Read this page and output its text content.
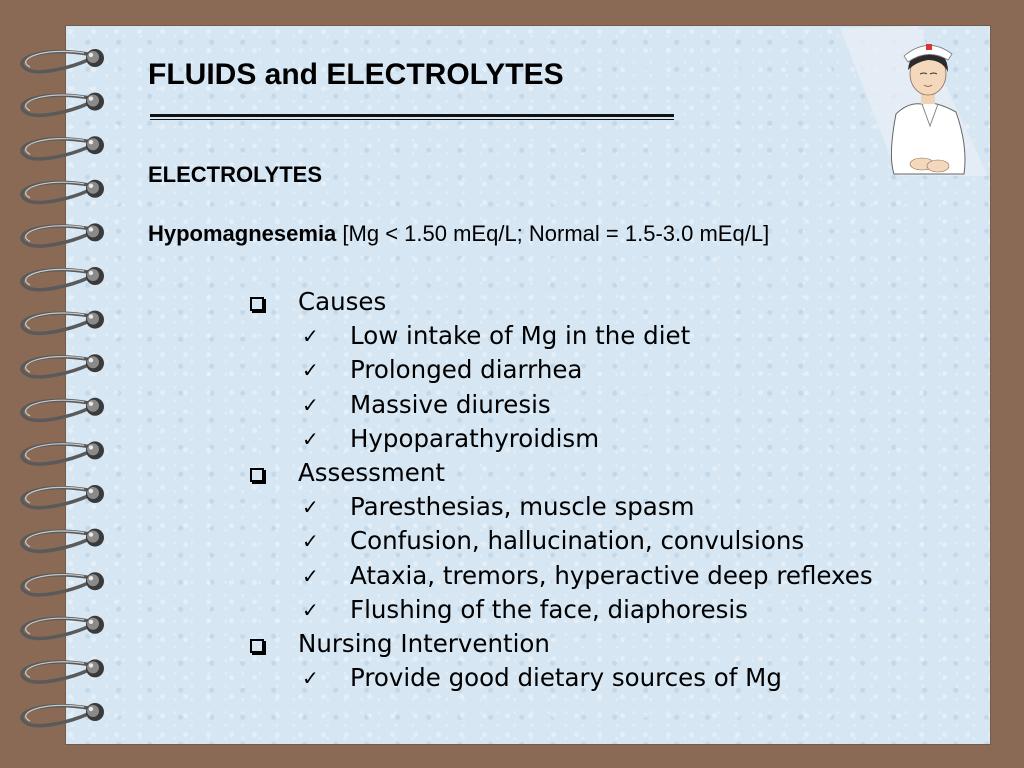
FLUIDS and ELECTROLYTES
ELECTROLYTES
Hypomagnesemia [Mg < 1.50 mEq/L; Normal = 1.5-3.0 mEq/L]
Causes
✓ Low intake of Mg in the diet
✓ Prolonged diarrhea
✓ Massive diuresis
✓ Hypoparathyroidism
Assessment
✓ Paresthesias, muscle spasm
✓ Confusion, hallucination, convulsions
✓ Ataxia, tremors, hyperactive deep reflexes
✓ Flushing of the face, diaphoresis
Nursing Intervention
✓ Provide good dietary sources of Mg
